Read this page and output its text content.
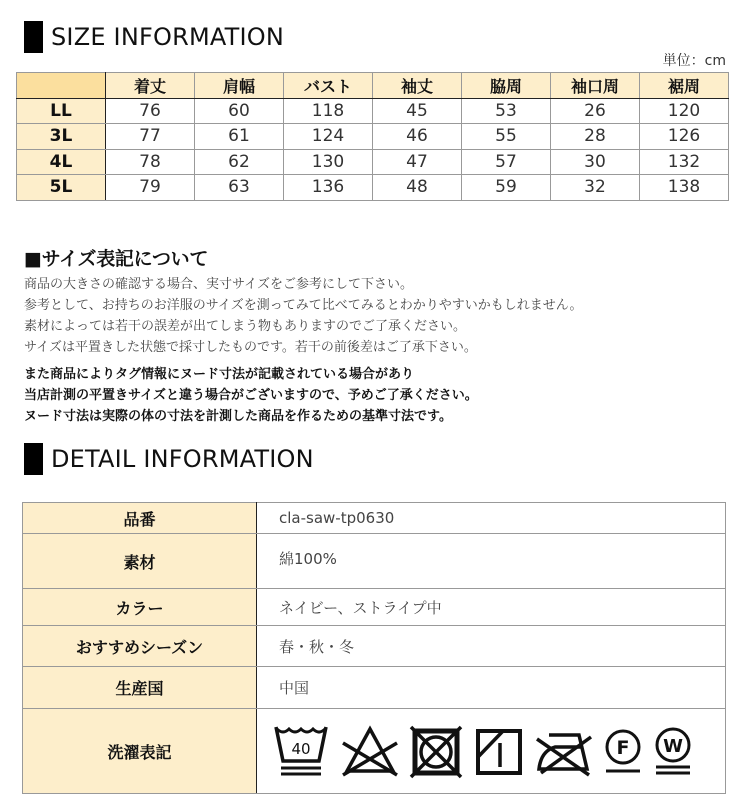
SIZE INFORMATION
単位：cm
	着丈	肩幅	バスト	袖丈	脇周	袖口周	裾周
LL	76	60	118	45	53	26	120
3L	77	61	124	46	55	28	126
4L	78	62	130	47	57	30	132
5L	79	63	136	48	59	32	138
■サイズ表記について
商品の大きさの確認する場合、実寸サイズをご参考にして下さい。
参考として、お持ちのお洋服のサイズを測ってみて比べてみるとわかりやすいかもしれません。
素材によっては若干の誤差が出てしまう物もありますのでご了承ください。
サイズは平置きした状態で採寸したものです。若干の前後差はご了承下さい。
また商品によりタグ情報にヌード寸法が記載されている場合があり
当店計測の平置きサイズと違う場合がございますので、予めご了承ください。
ヌード寸法は実際の体の寸法を計測した商品を作るための基準寸法です。
DETAIL INFORMATION
品番	cla-saw-tp0630
素材	綿100%
カラー	ネイビー、ストライプ中
おすすめシーズン	春・秋・冬
生産国	中国
洗濯表記	40 F W
